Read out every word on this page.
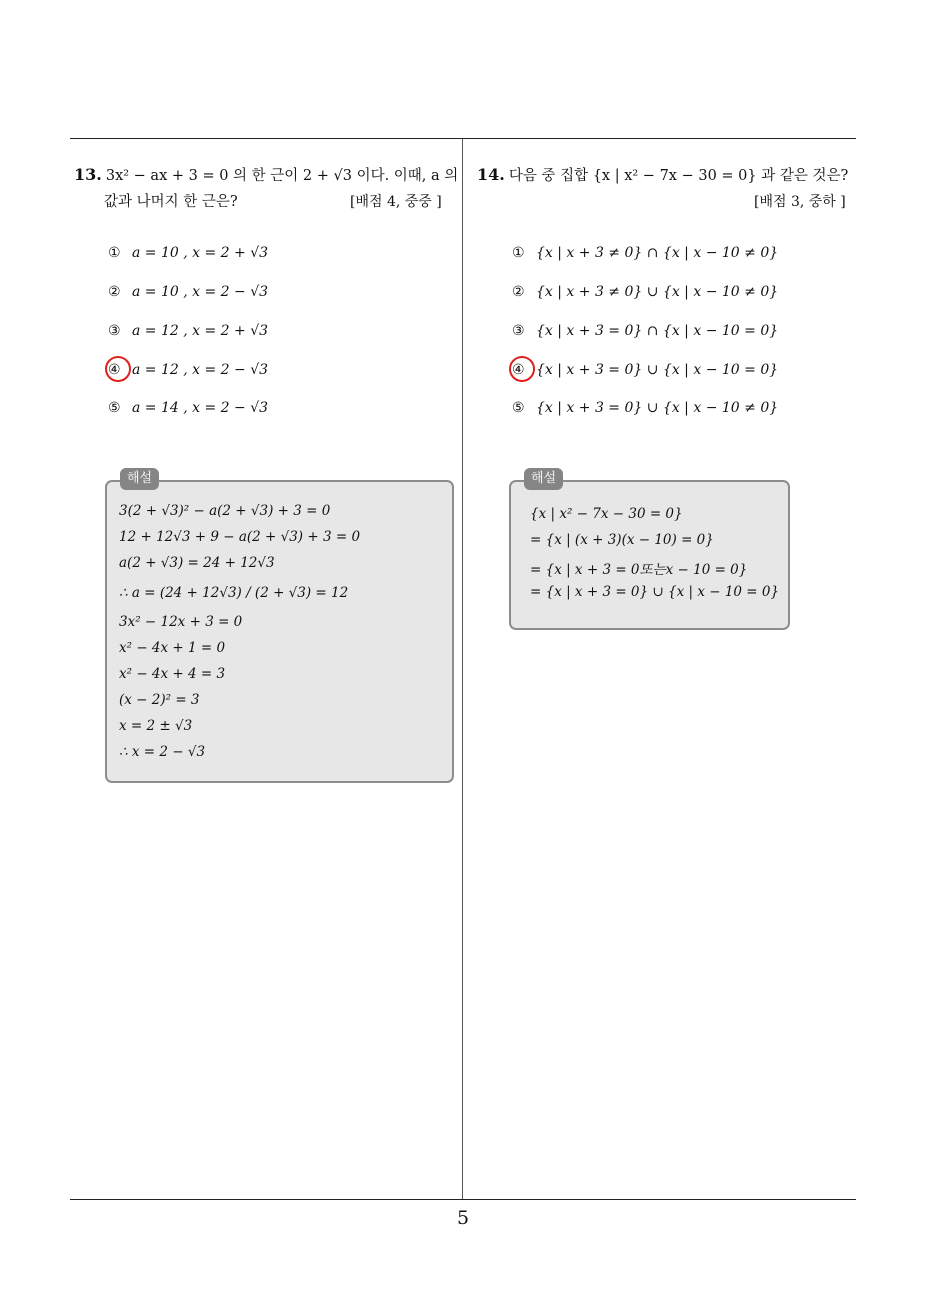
5
13. 3x² − ax + 3 = 0 의 한 근이 2 + √3 이다. 이때, a 의
값과 나머지 한 근은?	[배점 4, 중중 ]
① a = 10 , x = 2 + √3
② a = 10 , x = 2 − √3
③ a = 12 , x = 2 + √3
④ a = 12 , x = 2 − √3
⑤ a = 14 , x = 2 − √3
해설
3(2 + √3)² − a(2 + √3) + 3 = 0
12 + 12√3 + 9 − a(2 + √3) + 3 = 0
a(2 + √3) = 24 + 12√3
∴ a = (24 + 12√3) / (2 + √3) = 12
3x² − 12x + 3 = 0
x² − 4x + 1 = 0
x² − 4x + 4 = 3
(x − 2)² = 3
x = 2 ± √3
∴ x = 2 − √3
14. 다음 중 집합 {x | x² − 7x − 30 = 0} 과 같은 것은?
[배점 3, 중하 ]
① {x | x + 3 ≠ 0} ∩ {x | x − 10 ≠ 0}
② {x | x + 3 ≠ 0} ∪ {x | x − 10 ≠ 0}
③ {x | x + 3 = 0} ∩ {x | x − 10 = 0}
④ {x | x + 3 = 0} ∪ {x | x − 10 = 0}
⑤ {x | x + 3 = 0} ∪ {x | x − 10 ≠ 0}
해설
{x | x² − 7x − 30 = 0}
= {x | (x + 3)(x − 10) = 0}
= {x | x + 3 = 0또는x − 10 = 0}
= {x | x + 3 = 0} ∪ {x | x − 10 = 0}
